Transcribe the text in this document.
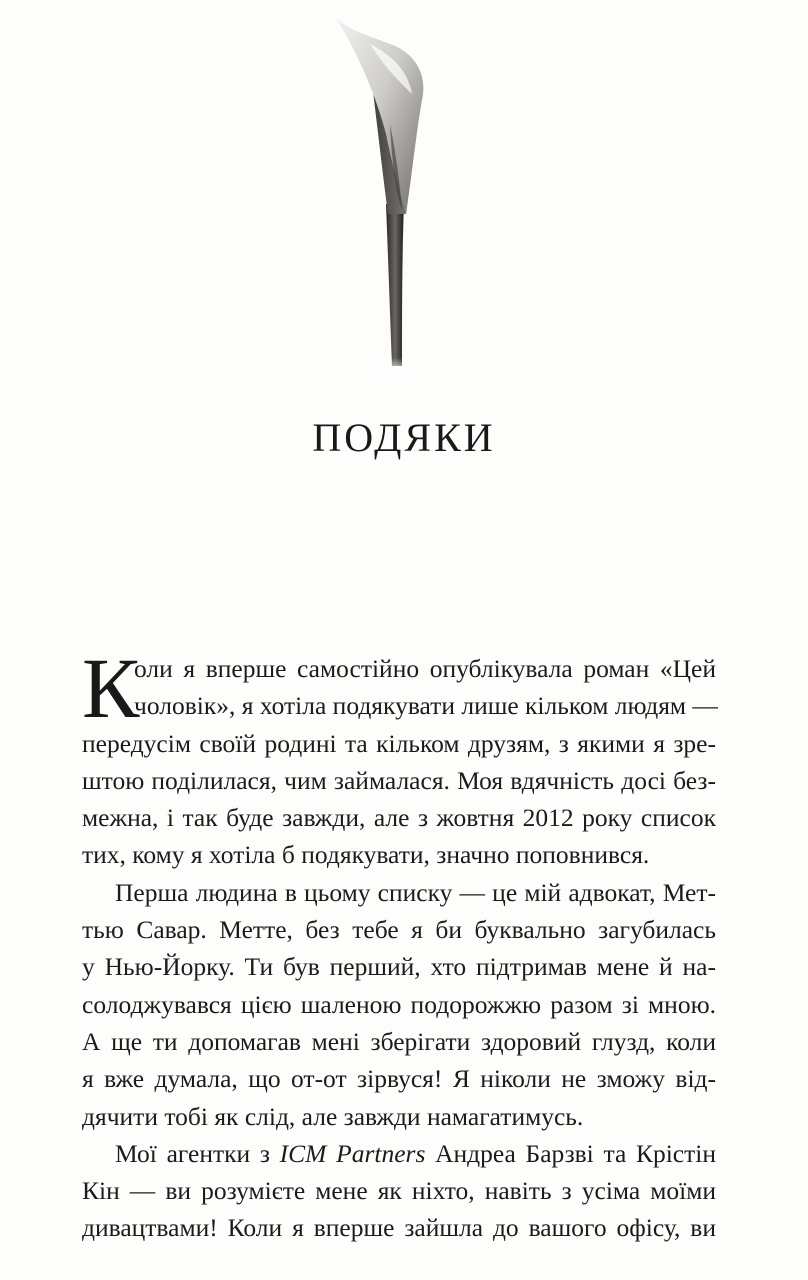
ПОДЯКИ
К
оли я вперше самостійно опублікувала роман «Цей
чоловік», я хотіла подякувати лише кільком людям —
передусім своїй родині та кільком друзям, з якими я зре-
штою поділилася, чим займалася. Моя вдячність досі без-
межна, і так буде завжди, але з жовтня 2012 року список
тих, кому я хотіла б подякувати, значно поповнився.
Перша людина в цьому списку — це мій адвокат, Мет-
тью Савар. Метте, без тебе я би буквально загубилась
у Нью-Йорку. Ти був перший, хто підтримав мене й на-
солоджувався цією шаленою подорожжю разом зі мною.
А ще ти допомагав мені зберігати здоровий глузд, коли
я вже думала, що от-от зірвуся! Я ніколи не зможу від-
дячити тобі як слід, але завжди намагатимусь.
Мої агентки з ICM Partners Андреа Барзві та Крістін
Кін — ви розумієте мене як ніхто, навіть з усіма моїми
дивацтвами! Коли я вперше зайшла до вашого офісу, ви
